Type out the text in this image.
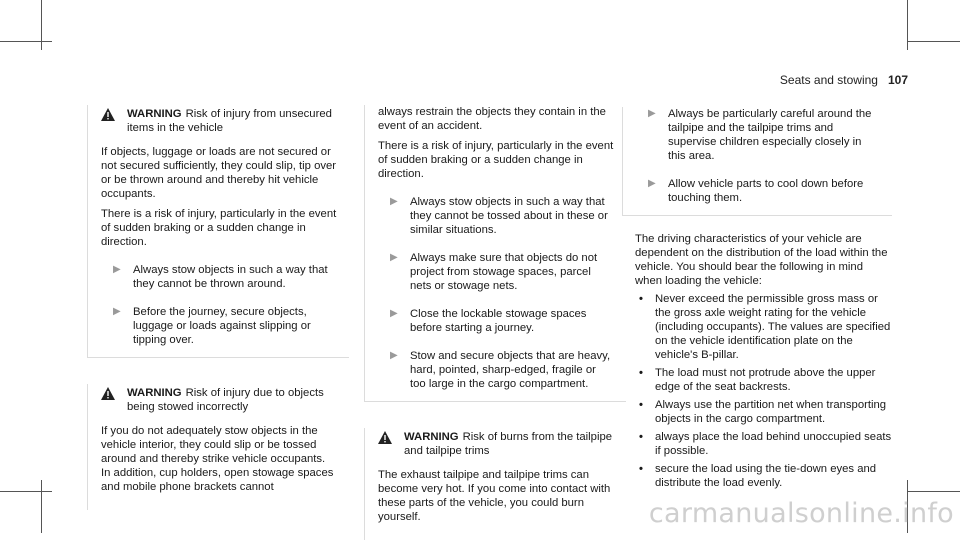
Seats and stowing 107
WARNING Risk of injury from unsecured items in the vehicle

If objects, luggage or loads are not secured or not secured sufficiently, they could slip, tip over or be thrown around and thereby hit vehicle occupants.

There is a risk of injury, particularly in the event of sudden braking or a sudden change in direction.

▶ Always stow objects in such a way that they cannot be thrown around.
▶ Before the journey, secure objects, luggage or loads against slipping or tipping over.
WARNING Risk of injury due to objects being stowed incorrectly

If you do not adequately stow objects in the vehicle interior, they could slip or be tossed around and thereby strike vehicle occupants. In addition, cup holders, open stowage spaces and mobile phone brackets cannot

always restrain the objects they contain in the event of an accident.

There is a risk of injury, particularly in the event of sudden braking or a sudden change in direction.

▶ Always stow objects in such a way that they cannot be tossed about in these or similar situations.
▶ Always make sure that objects do not project from stowage spaces, parcel nets or stowage nets.
▶ Close the lockable stowage spaces before starting a journey.
▶ Stow and secure objects that are heavy, hard, pointed, sharp-edged, fragile or too large in the cargo compartment.
WARNING Risk of burns from the tailpipe and tailpipe trims

The exhaust tailpipe and tailpipe trims can become very hot. If you come into contact with these parts of the vehicle, you could burn yourself.

▶ Always be particularly careful around the tailpipe and the tailpipe trims and supervise children especially closely in this area.
▶ Allow vehicle parts to cool down before touching them.

The driving characteristics of your vehicle are dependent on the distribution of the load within the vehicle. You should bear the following in mind when loading the vehicle:

• Never exceed the permissible gross mass or the gross axle weight rating for the vehicle (including occupants). The values are specified on the vehicle identification plate on the vehicle's B-pillar.
• The load must not protrude above the upper edge of the seat backrests.
• Always use the partition net when transporting objects in the cargo compartment.
• always place the load behind unoccupied seats if possible.
• secure the load using the tie-down eyes and distribute the load evenly.
carmanualsonline.info
